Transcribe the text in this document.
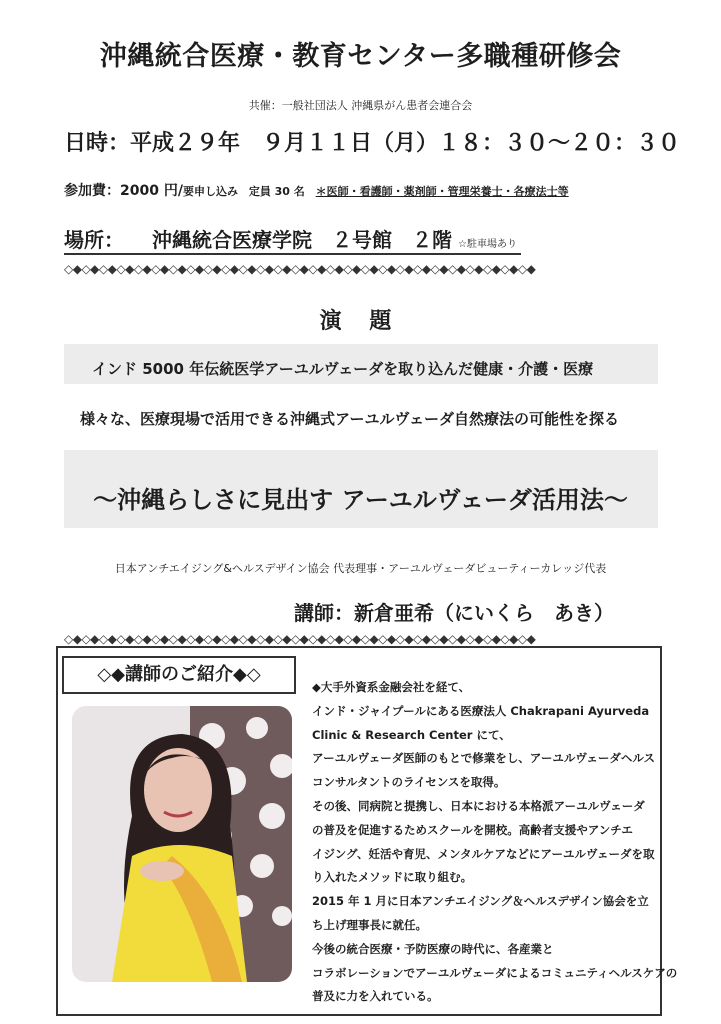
沖縄統合医療・教育センター多職種研修会
共催：一般社団法人 沖縄県がん患者会連合会
日時：平成２９年　９月１１日（月）１８：３０～２０：３０
参加費：2000 円/要申し込み 定員 30 名 ＊医師・看護師・薬剤師・管理栄養士・各療法士等
場所： 沖縄統合医療学院　２号館　２階 ☆駐車場あり
◇◆◇◆◇◆◇◆◇◆◇◆◇◆◇◆◇◆◇◆◇◆◇◆◇◆◇◆◇◆◇◆◇◆◇◆◇◆◇◆◇◆◇◆◇◆◇◆◇◆◇◆◇◆
演 題
インド 5000 年伝統医学アーユルヴェーダを取り込んだ健康・介護・医療
様々な、医療現場で活用できる沖縄式アーユルヴェーダ自然療法の可能性を探る
～沖縄らしさに見出す アーユルヴェーダ活用法～
日本アンチエイジング&ヘルスデザイン協会 代表理事・アーユルヴェーダビューティーカレッジ代表
講師：新倉亜希（にいくら　あき）
◇◆◇◆◇◆◇◆◇◆◇◆◇◆◇◆◇◆◇◆◇◆◇◆◇◆◇◆◇◆◇◆◇◆◇◆◇◆◇◆◇◆◇◆◇◆◇◆◇◆◇◆◇◆
◇◆講師のご紹介◆◇

◆大手外資系金融会社を経て、

インド・ジャイプールにある医療法人 Chakrapani Ayurveda

Clinic & Research Center にて、

アーユルヴェーダ医師のもとで修業をし、アーユルヴェーダヘルス

コンサルタントのライセンスを取得。

その後、同病院と提携し、日本における本格派アーユルヴェーダ

の普及を促進するためスクールを開校。高齢者支援やアンチエ

イジング、妊活や育児、メンタルケアなどにアーユルヴェーダを取

り入れたメソッドに取り組む。

2015 年 1 月に日本アンチエイジング＆ヘルスデザイン協会を立

ち上げ理事長に就任。

今後の統合医療・予防医療の時代に、各産業と

コラボレーションでアーユルヴェーダによるコミュニティヘルスケアの

普及に力を入れている。
